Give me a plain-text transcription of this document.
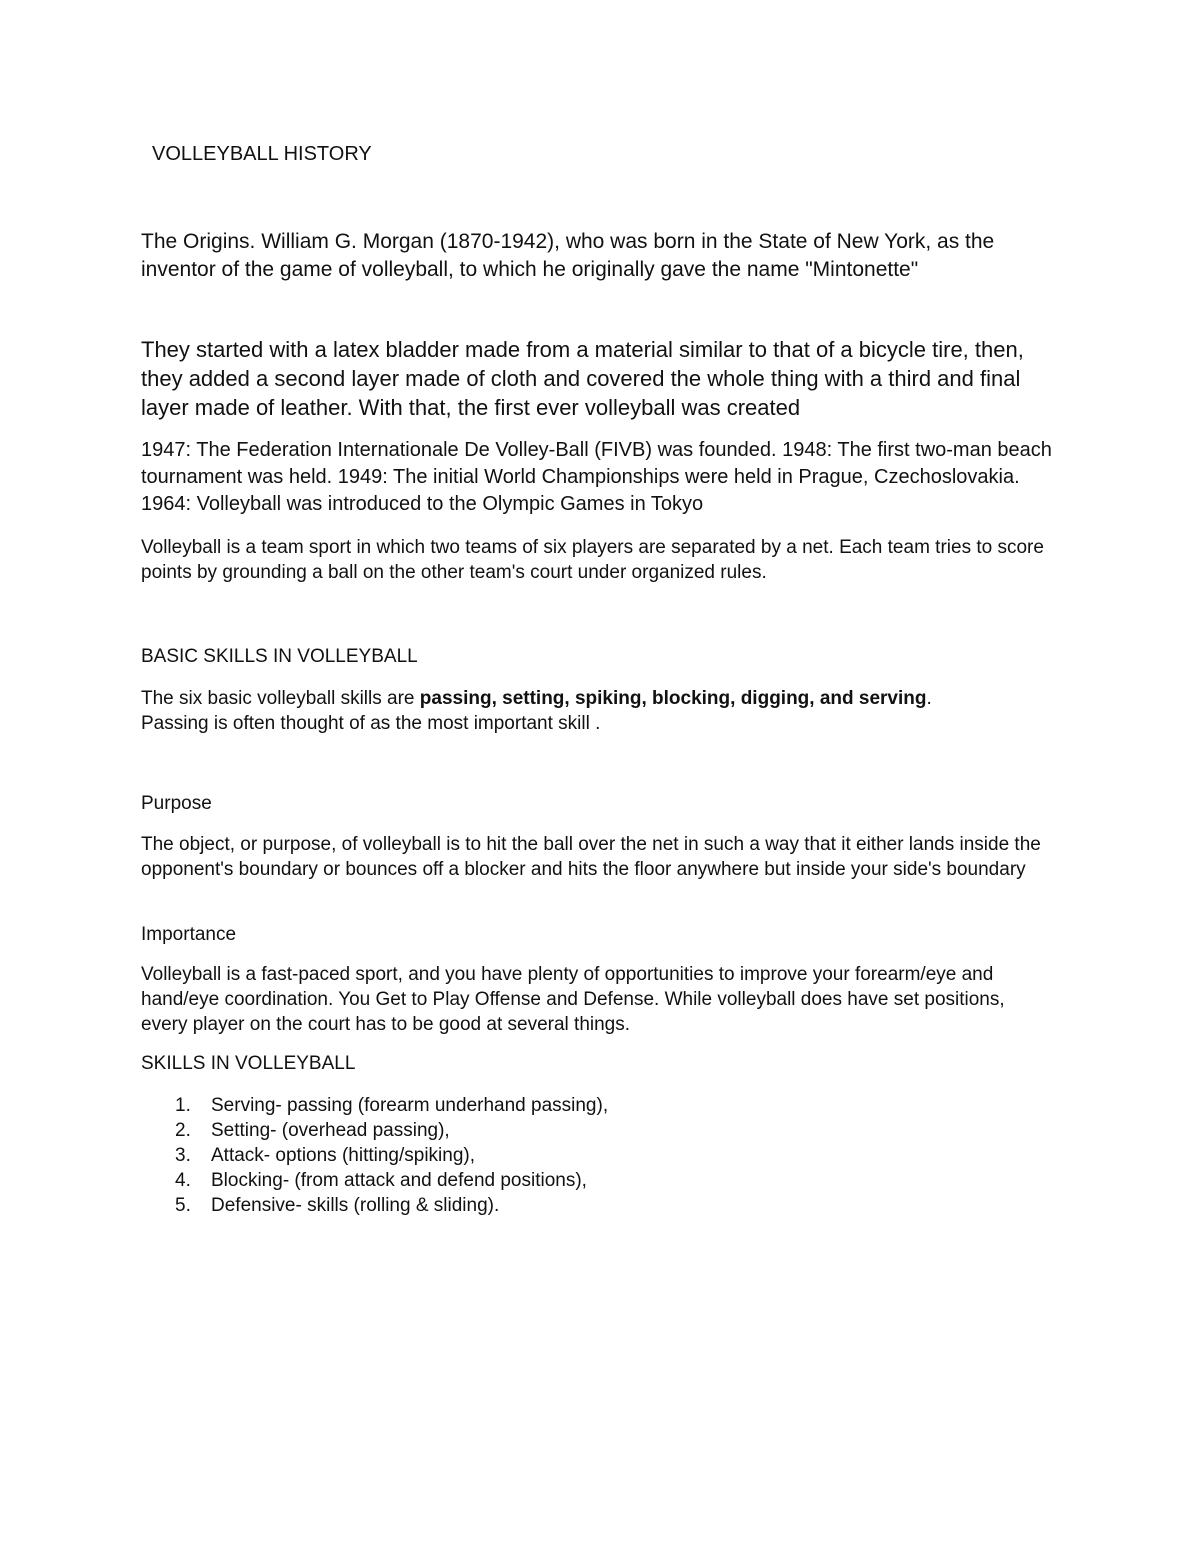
VOLLEYBALL HISTORY

The Origins. William G. Morgan (1870-1942), who was born in the State of New York, as the inventor of the game of volleyball, to which he originally gave the name "Mintonette"

They started with a latex bladder made from a material similar to that of a bicycle tire, then, they added a second layer made of cloth and covered the whole thing with a third and final layer made of leather. With that, the first ever volleyball was created

1947: The Federation Internationale De Volley-Ball (FIVB) was founded. 1948: The first two-man beach tournament was held. 1949: The initial World Championships were held in Prague, Czechoslovakia. 1964: Volleyball was introduced to the Olympic Games in Tokyo

Volleyball is a team sport in which two teams of six players are separated by a net. Each team tries to score points by grounding a ball on the other team's court under organized rules.

BASIC SKILLS IN VOLLEYBALL

The six basic volleyball skills are passing, setting, spiking, blocking, digging, and serving.
Passing is often thought of as the most important skill .

Purpose

The object, or purpose, of volleyball is to hit the ball over the net in such a way that it either lands inside the opponent's boundary or bounces off a blocker and hits the floor anywhere but inside your side's boundary

Importance

Volleyball is a fast-paced sport, and you have plenty of opportunities to improve your forearm/eye and hand/eye coordination. You Get to Play Offense and Defense. While volleyball does have set positions, every player on the court has to be good at several things.

SKILLS IN VOLLEYBALL
1.	Serving- passing (forearm underhand passing),
2.	Setting- (overhead passing),
3.	Attack- options (hitting/spiking),
4.	Blocking- (from attack and defend positions),
5.	Defensive- skills (rolling & sliding).
